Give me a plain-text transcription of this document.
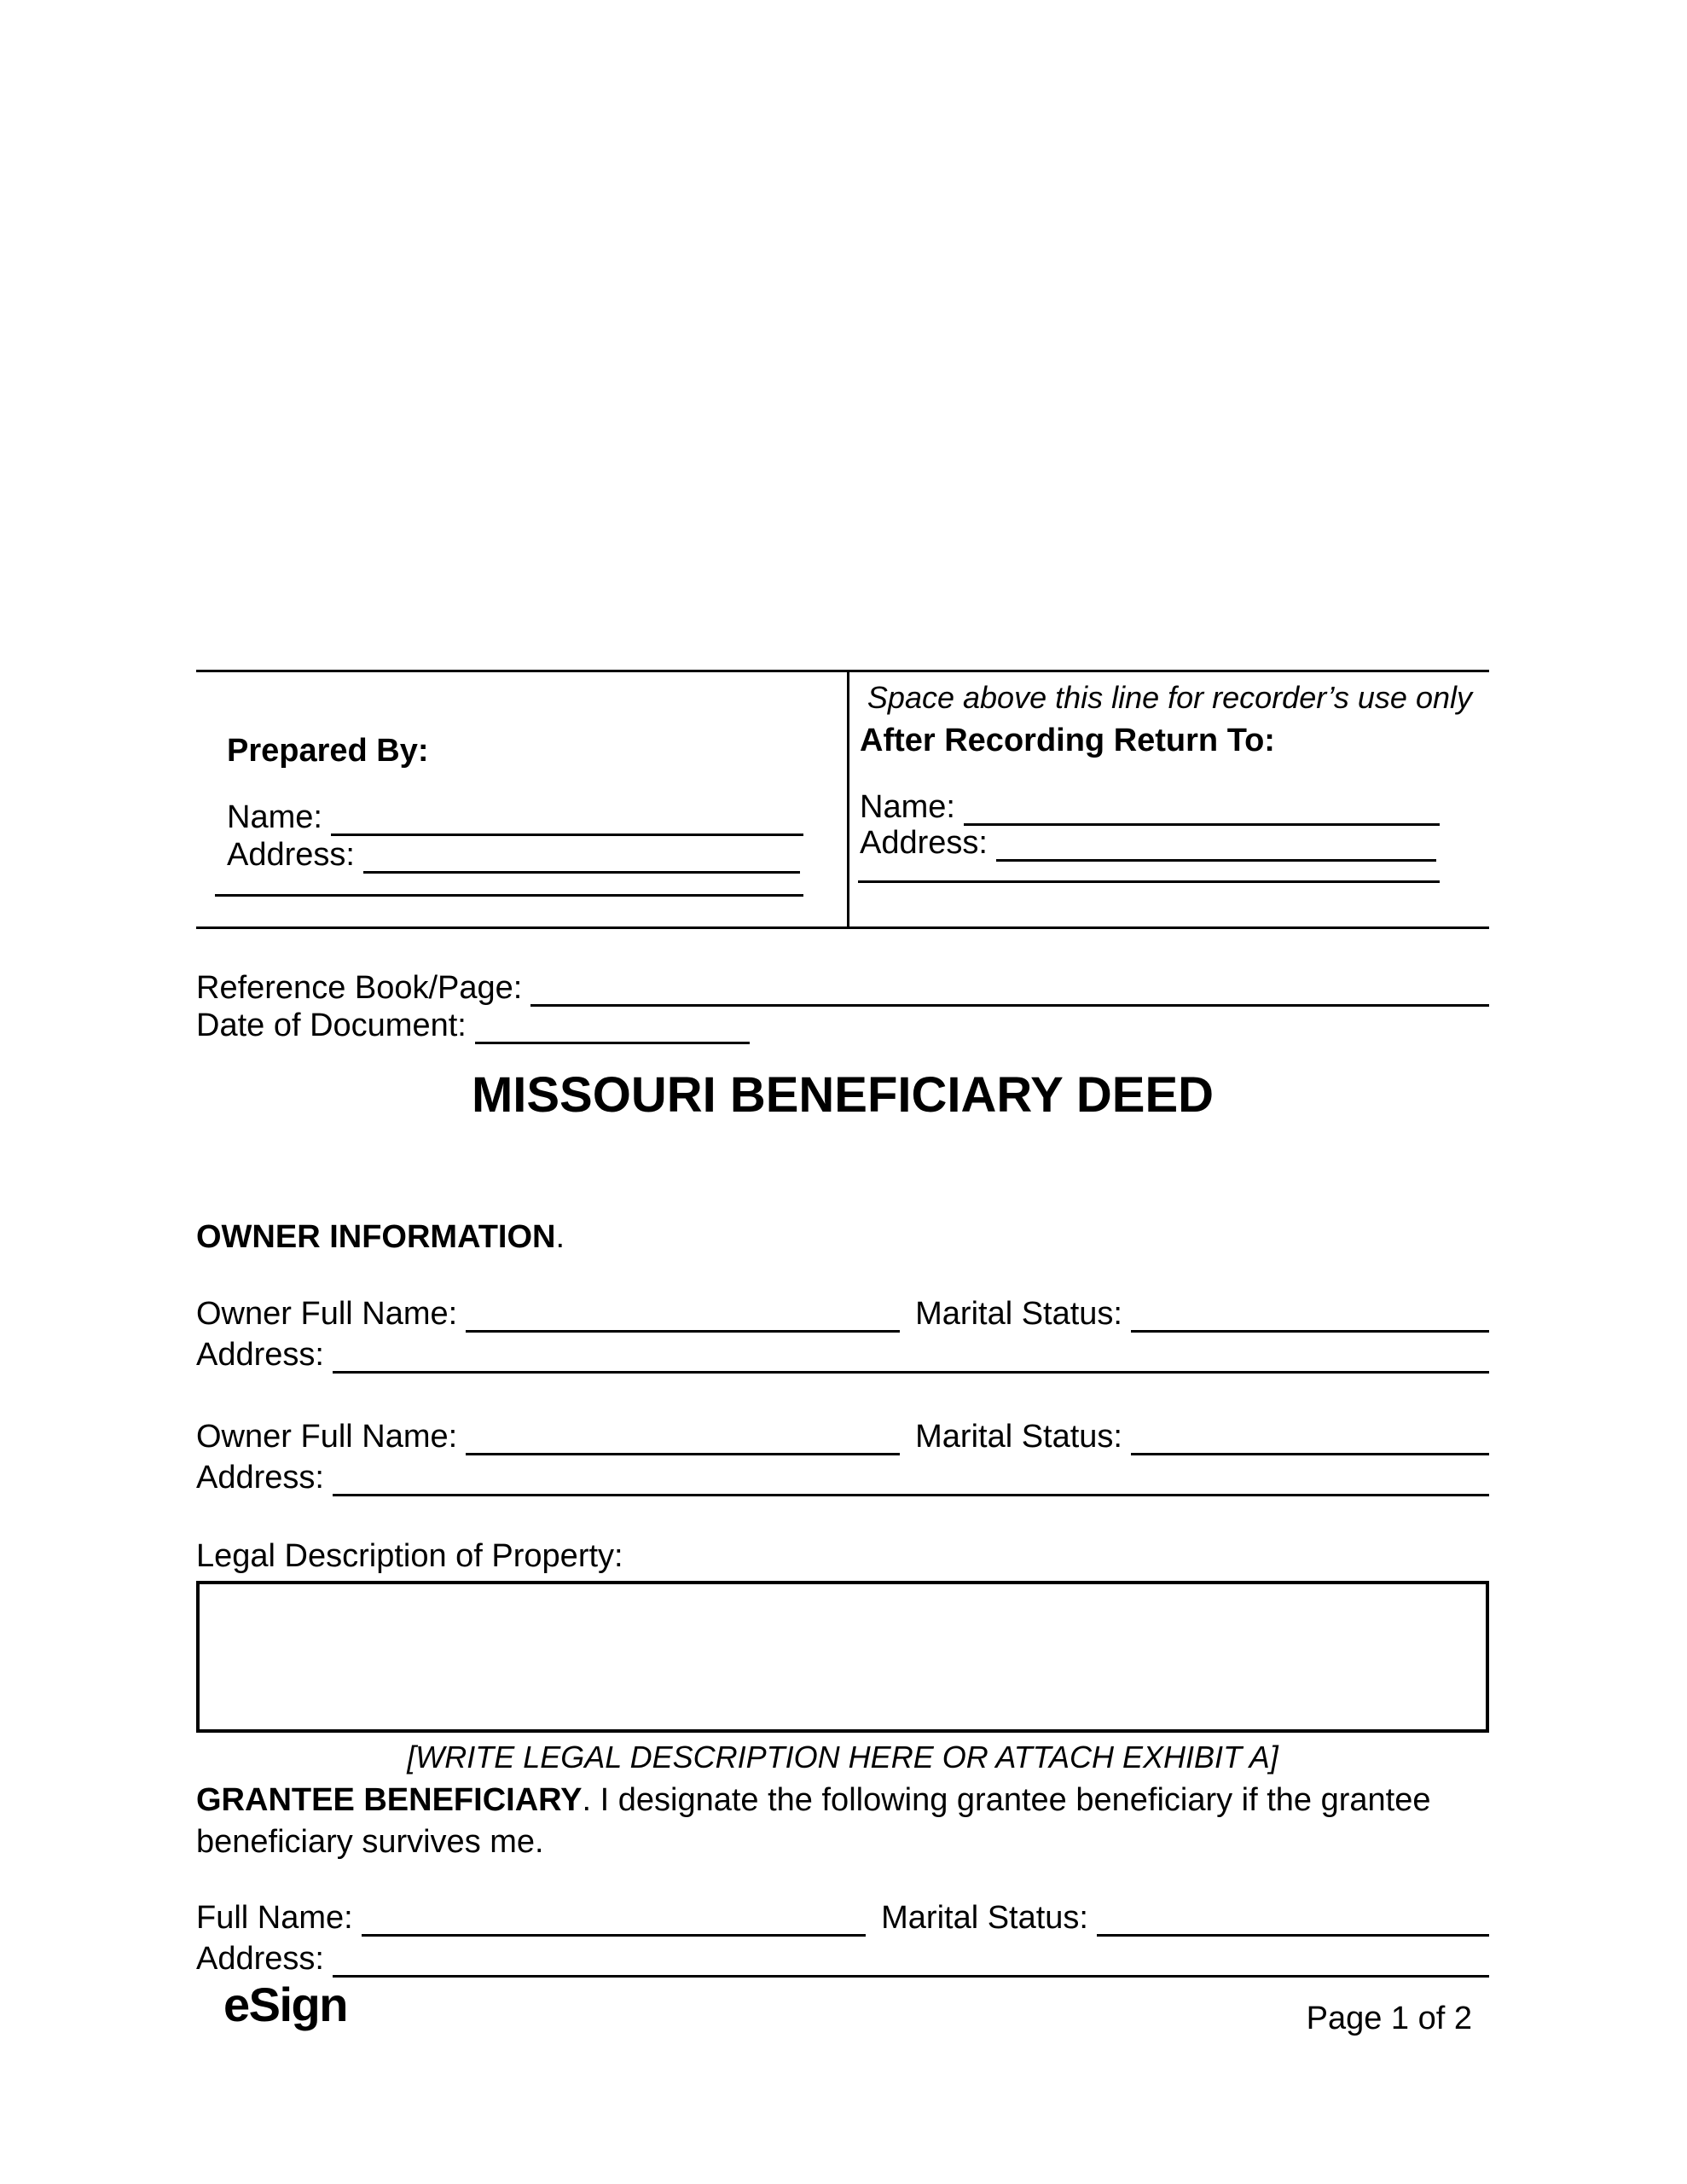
Prepared By:
Name:
Address:
Space above this line for recorder’s use only
After Recording Return To:
Name:
Address:
Reference Book/Page:
Date of Document:
MISSOURI BENEFICIARY DEED
OWNER INFORMATION.
Owner Full Name:	Marital Status:
Address:
Owner Full Name:	Marital Status:
Address:
Legal Description of Property:
[WRITE LEGAL DESCRIPTION HERE OR ATTACH EXHIBIT A]
GRANTEE BENEFICIARY. I designate the following grantee beneficiary if the grantee beneficiary survives me.
Full Name:	Marital Status:
Address:
eSign	Page 1 of 2
